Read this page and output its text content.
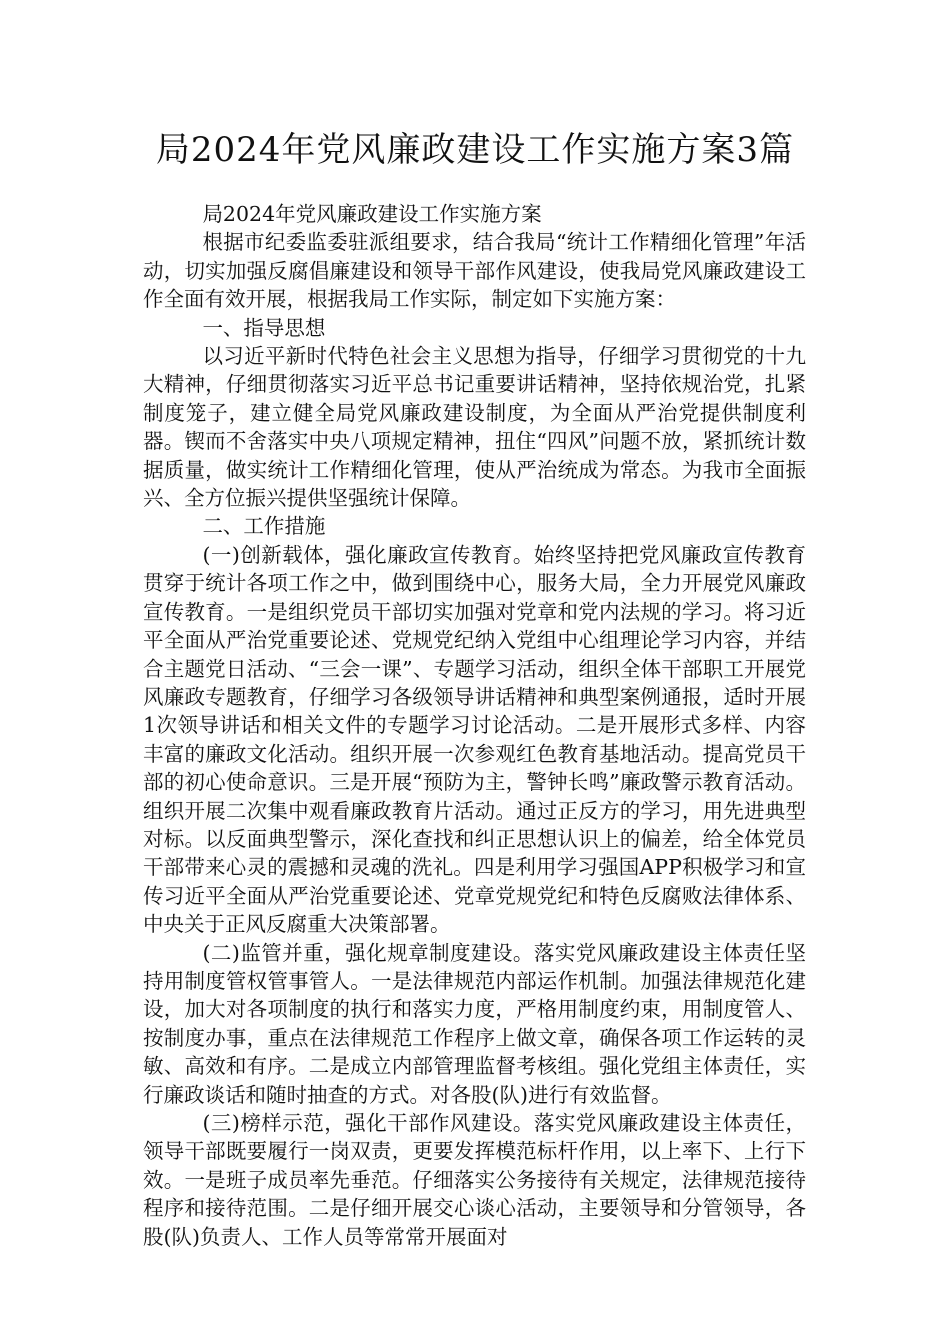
局2024年党风廉政建设工作实施方案3篇

局2024年党风廉政建设工作实施方案

根据市纪委监委驻派组要求，结合我局“统计工作精细化管理”年活动，切实加强反腐倡廉建设和领导干部作风建设，使我局党风廉政建设工作全面有效开展，根据我局工作实际，制定如下实施方案：

一、指导思想

以习近平新时代特色社会主义思想为指导，仔细学习贯彻党的十九大精神，仔细贯彻落实习近平总书记重要讲话精神，坚持依规治党，扎紧制度笼子，建立健全局党风廉政建设制度，为全面从严治党提供制度利器。锲而不舍落实中央八项规定精神，扭住“四风”问题不放，紧抓统计数据质量，做实统计工作精细化管理，使从严治统成为常态。为我市全面振兴、全方位振兴提供坚强统计保障。

二、工作措施

(一)创新载体，强化廉政宣传教育。始终坚持把党风廉政宣传教育贯穿于统计各项工作之中，做到围绕中心，服务大局，全力开展党风廉政宣传教育。一是组织党员干部切实加强对党章和党内法规的学习。将习近平全面从严治党重要论述、党规党纪纳入党组中心组理论学习内容，并结合主题党日活动、“三会一课”、专题学习活动，组织全体干部职工开展党风廉政专题教育，仔细学习各级领导讲话精神和典型案例通报，适时开展1次领导讲话和相关文件的专题学习讨论活动。二是开展形式多样、内容丰富的廉政文化活动。组织开展一次参观红色教育基地活动。提高党员干部的初心使命意识。三是开展“预防为主，警钟长鸣”廉政警示教育活动。组织开展二次集中观看廉政教育片活动。通过正反方的学习，用先进典型对标。以反面典型警示，深化查找和纠正思想认识上的偏差，给全体党员干部带来心灵的震撼和灵魂的洗礼。四是利用学习强国APP积极学习和宣传习近平全面从严治党重要论述、党章党规党纪和特色反腐败法律体系、中央关于正风反腐重大决策部署。

(二)监管并重，强化规章制度建设。落实党风廉政建设主体责任坚持用制度管权管事管人。一是法律规范内部运作机制。加强法律规范化建设，加大对各项制度的执行和落实力度，严格用制度约束，用制度管人、按制度办事，重点在法律规范工作程序上做文章，确保各项工作运转的灵敏、高效和有序。二是成立内部管理监督考核组。强化党组主体责任，实行廉政谈话和随时抽查的方式。对各股(队)进行有效监督。

(三)榜样示范，强化干部作风建设。落实党风廉政建设主体责任，领导干部既要履行一岗双责，更要发挥模范标杆作用，以上率下、上行下效。一是班子成员率先垂范。仔细落实公务接待有关规定，法律规范接待程序和接待范围。二是仔细开展交心谈心活动，主要领导和分管领导，各股(队)负责人、工作人员等常常开展面对
